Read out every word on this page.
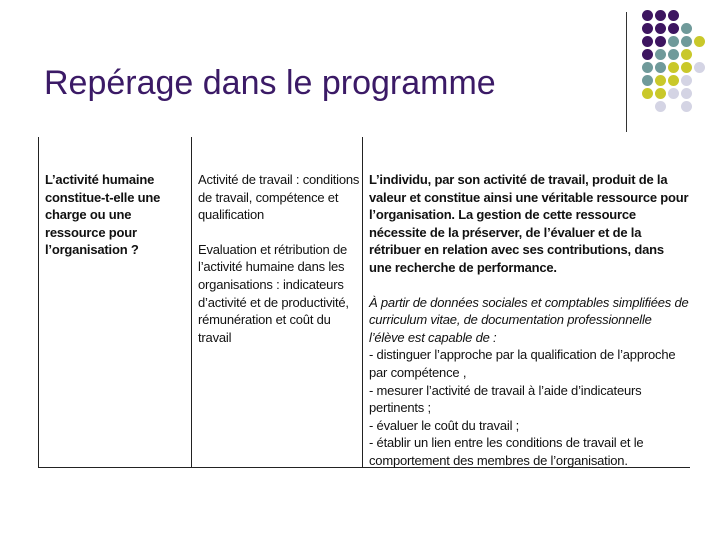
Repérage dans le programme
L’activité humaine constitue-t-elle une charge ou une ressource pour l’organisation ?
Activité de travail : conditions de travail, compétence et qualification
Evaluation et rétribution de l’activité humaine dans les organisations : indicateurs d’activité et de productivité, rémunération et coût du travail
L’individu, par son activité de travail, produit de la valeur et constitue ainsi une véritable ressource pour l’organisation. La gestion de cette ressource nécessite de la préserver, de l’évaluer et de la rétribuer en relation avec ses contributions, dans une recherche de performance.
À partir de données sociales et comptables simplifiées de curriculum vitae, de documentation professionnelle l’élève est capable de :
- distinguer l’approche par la qualification de l’approche par compétence ,
- mesurer l’activité de travail à l’aide d’indicateurs pertinents ;
- évaluer le coût du travail ;
- établir un lien entre les conditions de travail et le comportement des membres de l’organisation.
